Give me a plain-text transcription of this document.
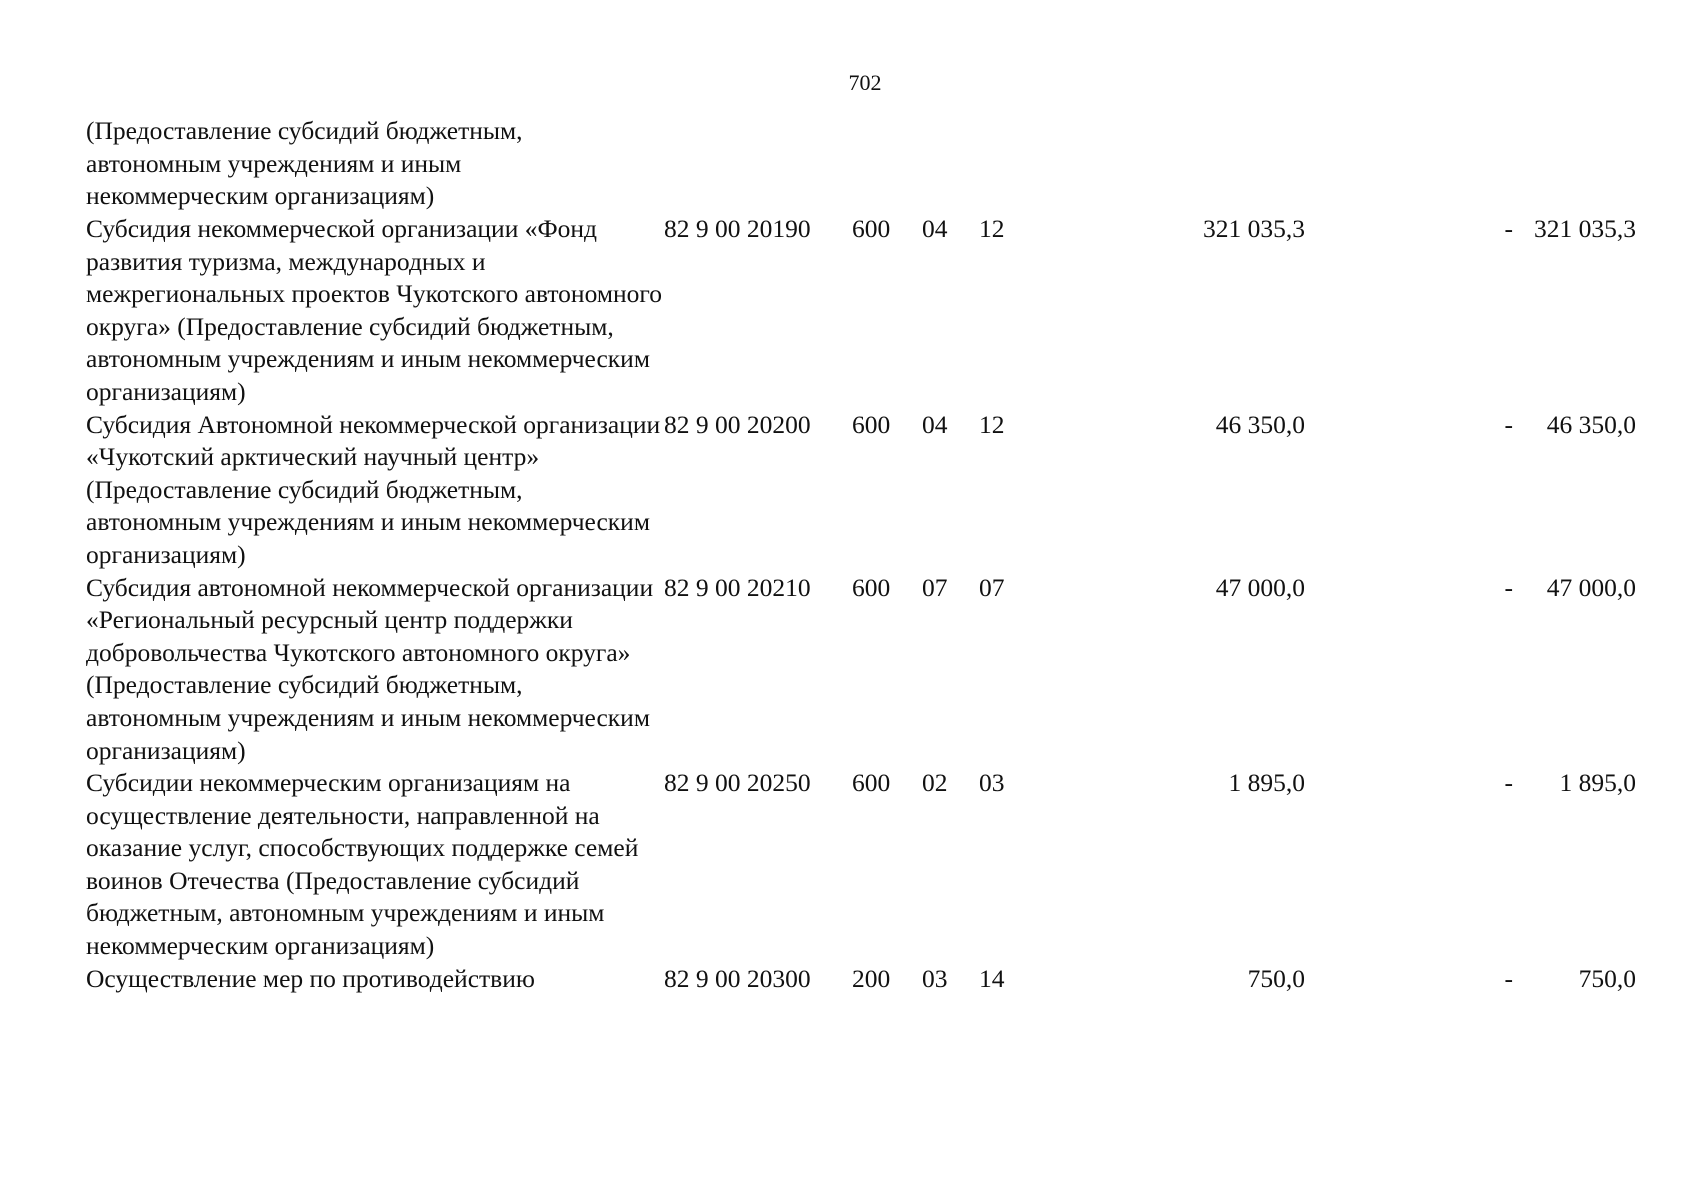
702
(Предоставление субсидий бюджетным, автономным учреждениям и иным некоммерческим организациям)							
Субсидия некоммерческой организации «Фонд развития туризма, международных и межрегиональных проектов Чукотского автономного округа» (Предоставление субсидий бюджетным, автономным учреждениям и иным некоммерческим организациям)	82 9 00 20190	600	04	12	321 035,3	-	321 035,3
Субсидия Автономной некоммерческой организации «Чукотский арктический научный центр» (Предоставление субсидий бюджетным, автономным учреждениям и иным некоммерческим организациям)	82 9 00 20200	600	04	12	46 350,0	-	46 350,0
Субсидия автономной некоммерческой организации «Региональный ресурсный центр поддержки добровольчества Чукотского автономного округа» (Предоставление субсидий бюджетным, автономным учреждениям и иным некоммерческим организациям)	82 9 00 20210	600	07	07	47 000,0	-	47 000,0
Субсидии некоммерческим организациям на осуществление деятельности, направленной на оказание услуг, способствующих поддержке семей воинов Отечества (Предоставление субсидий бюджетным, автономным учреждениям и иным некоммерческим организациям)	82 9 00 20250	600	02	03	1 895,0	-	1 895,0
Осуществление мер по противодействию	82 9 00 20300	200	03	14	750,0	-	750,0
